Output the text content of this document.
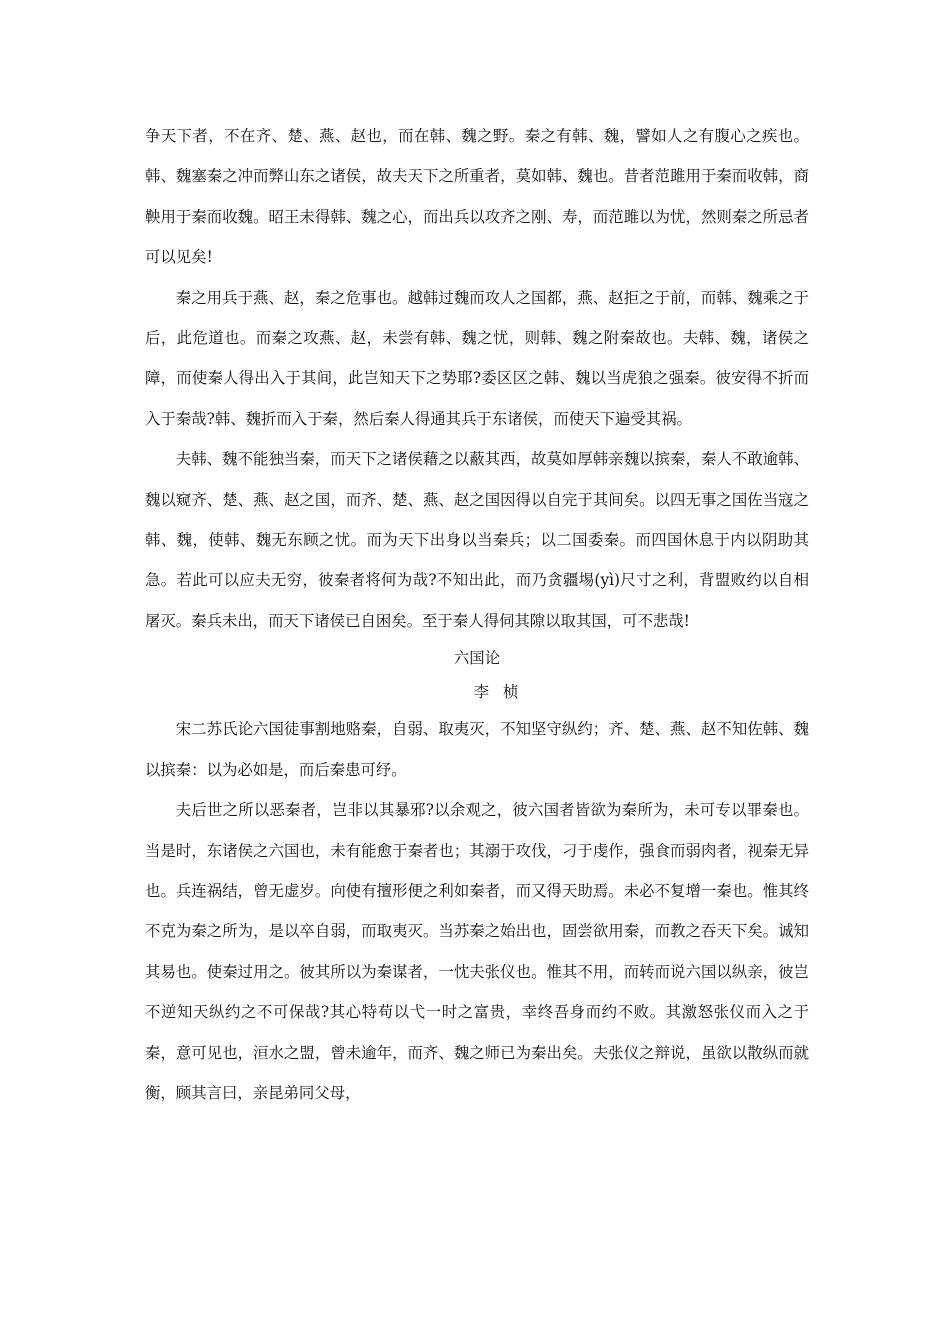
争天下者，不在齐、楚、燕、赵也，而在韩、魏之野。秦之有韩、魏，譬如人之有腹心之疾也。韩、魏塞秦之冲而弊山东之诸侯，故夫天下之所重者，莫如韩、魏也。昔者范雎用于秦而收韩，商鞅用于秦而收魏。昭王未得韩、魏之心，而出兵以攻齐之刚、寿，而范雎以为忧，然则秦之所忌者可以见矣!

秦之用兵于燕、赵，秦之危事也。越韩过魏而攻人之国都，燕、赵拒之于前，而韩、魏乘之于后，此危道也。而秦之攻燕、赵，未尝有韩、魏之忧，则韩、魏之附秦故也。夫韩、魏，诸侯之障，而使秦人得出入于其间，此岂知天下之势耶?委区区之韩、魏以当虎狼之强秦。彼安得不折而入于秦哉?韩、魏折而入于秦，然后秦人得通其兵于东诸侯，而使天下遍受其祸。

夫韩、魏不能独当秦，而天下之诸侯藉之以蔽其西，故莫如厚韩亲魏以摈秦，秦人不敢逾韩、魏以窥齐、楚、燕、赵之国，而齐、楚、燕、赵之国因得以自完于其间矣。以四无事之国佐当寇之韩、魏，使韩、魏无东顾之忧。而为天下出身以当秦兵；以二国委秦。而四国休息于内以阴助其急。若此可以应夫无穷，彼秦者将何为哉?不知出此，而乃贪疆埸(yì)尺寸之利，背盟败约以自相屠灭。秦兵未出，而天下诸侯已自困矣。至于秦人得伺其隙以取其国，可不悲哉!

六国论

李桢

宋二苏氏论六国徒事割地赂秦，自弱、取夷灭，不知坚守纵约；齐、楚、燕、赵不知佐韩、魏以摈秦：以为必如是，而后秦患可纾。

夫后世之所以恶秦者，岂非以其暴邪?以余观之，彼六国者皆欲为秦所为，未可专以罪秦也。当是时，东诸侯之六国也，未有能愈于秦者也；其溺于攻伐，刁于虔作，强食而弱肉者，视秦无异也。兵连祸结，曾无虚岁。向使有擅形便之利如秦者，而又得天助焉。未必不复增一秦也。惟其终不克为秦之所为，是以卒自弱，而取夷灭。当苏秦之始出也，固尝欲用秦，而教之吞天下矣。诚知其易也。使秦过用之。彼其所以为秦谋者，一忱夫张仪也。惟其不用，而转而说六国以纵亲，彼岂不逆知天纵约之不可保哉?其心特苟以弋一时之富贵，幸终吾身而约不败。其激怒张仪而入之于秦，意可见也，洹水之盟，曾未逾年，而齐、魏之师已为秦出矣。夫张仪之辩说，虽欲以散纵而就衡，顾其言曰，亲昆弟同父母，
